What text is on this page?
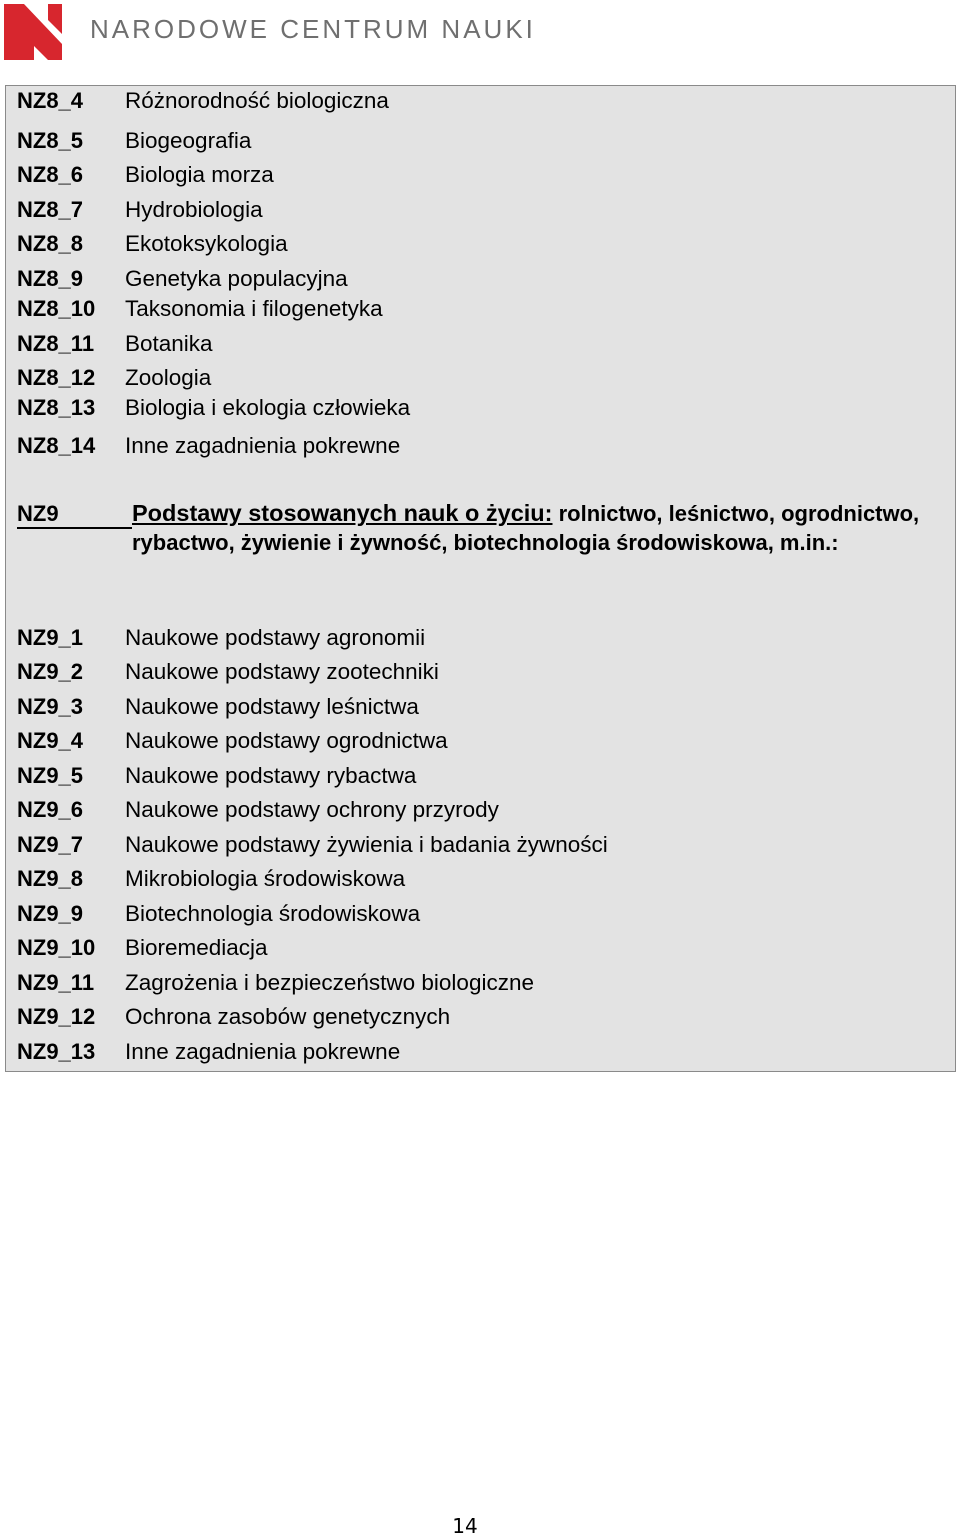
NARODOWE CENTRUM NAUKI
NZ8_4 Różnorodność biologiczna
NZ8_5 Biogeografia
NZ8_6 Biologia morza
NZ8_7 Hydrobiologia
NZ8_8 Ekotoksykologia
NZ8_9 Genetyka populacyjna
NZ8_10 Taksonomia i filogenetyka
NZ8_11 Botanika
NZ8_12 Zoologia
NZ8_13 Biologia i ekologia człowieka
NZ8_14 Inne zagadnienia pokrewne
NZ9	Podstawy stosowanych nauk o życiu: rolnictwo, leśnictwo, ogrodnictwo, rybactwo, żywienie i żywność, biotechnologia środowiskowa, m.in.:
NZ9_1 Naukowe podstawy agronomii
NZ9_2 Naukowe podstawy zootechniki
NZ9_3 Naukowe podstawy leśnictwa
NZ9_4 Naukowe podstawy ogrodnictwa
NZ9_5 Naukowe podstawy rybactwa
NZ9_6 Naukowe podstawy ochrony przyrody
NZ9_7 Naukowe podstawy żywienia i badania żywności
NZ9_8 Mikrobiologia środowiskowa
NZ9_9 Biotechnologia środowiskowa
NZ9_10 Bioremediacja
NZ9_11 Zagrożenia i bezpieczeństwo biologiczne
NZ9_12 Ochrona zasobów genetycznych
NZ9_13 Inne zagadnienia pokrewne
14
